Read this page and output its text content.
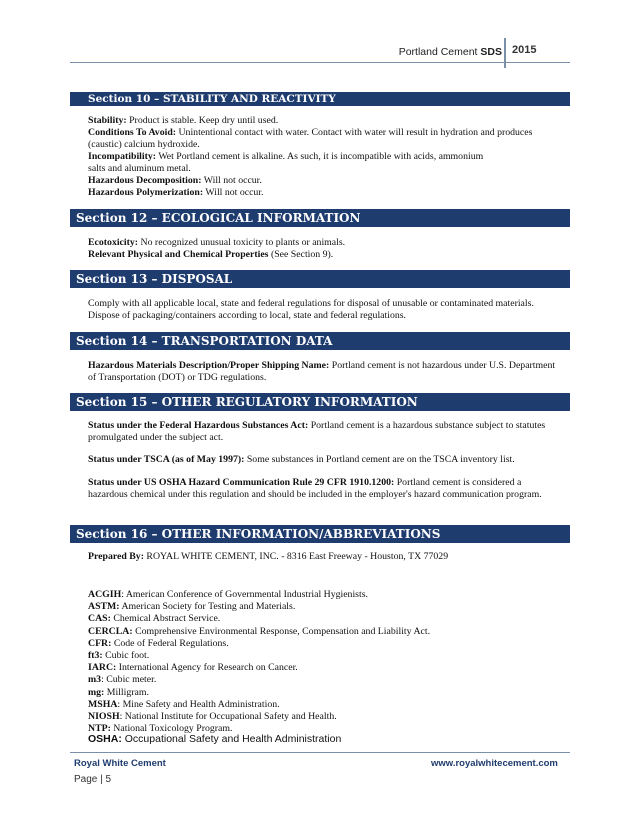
Portland Cement SDS 2015
Section 10 – STABILITY AND REACTIVITY

Stability: Product is stable. Keep dry until used.

Conditions To Avoid: Unintentional contact with water. Contact with water will result in hydration and produces (caustic) calcium hydroxide.

Incompatibility: Wet Portland cement is alkaline. As such, it is incompatible with acids, ammonium

salts and aluminum metal.

Hazardous Decomposition: Will not occur.

Hazardous Polymerization: Will not occur.

Section 12 – ECOLOGICAL INFORMATION

Ecotoxicity: No recognized unusual toxicity to plants or animals.

Relevant Physical and Chemical Properties (See Section 9).

Section 13 – DISPOSAL

Comply with all applicable local, state and federal regulations for disposal of unusable or contaminated materials. Dispose of packaging/containers according to local, state and federal regulations.

Section 14 – TRANSPORTATION DATA

Hazardous Materials Description/Proper Shipping Name: Portland cement is not hazardous under U.S. Department of Transportation (DOT) or TDG regulations.

Section 15 – OTHER REGULATORY INFORMATION

Status under the Federal Hazardous Substances Act: Portland cement is a hazardous substance subject to statutes promulgated under the subject act.

Status under TSCA (as of May 1997): Some substances in Portland cement are on the TSCA inventory list.

Status under US OSHA Hazard Communication Rule 29 CFR 1910.1200: Portland cement is considered a hazardous chemical under this regulation and should be included in the employer's hazard communication program.

Section 16 – OTHER INFORMATION/ABBREVIATIONS

Prepared By: ROYAL WHITE CEMENT, INC. - 8316 East Freeway - Houston, TX 77029

ACGIH: American Conference of Governmental Industrial Hygienists.

ASTM: American Society for Testing and Materials.

CAS: Chemical Abstract Service.

CERCLA: Comprehensive Environmental Response, Compensation and Liability Act.

CFR: Code of Federal Regulations.

ft3: Cubic foot.

IARC: International Agency for Research on Cancer.

m3: Cubic meter.

mg: Milligram.

MSHA: Mine Safety and Health Administration.

NIOSH: National Institute for Occupational Safety and Health.

NTP: National Toxicology Program.

OSHA: Occupational Safety and Health Administration
Royal White Cement	www.royalwhitecement.com
Page | 5
